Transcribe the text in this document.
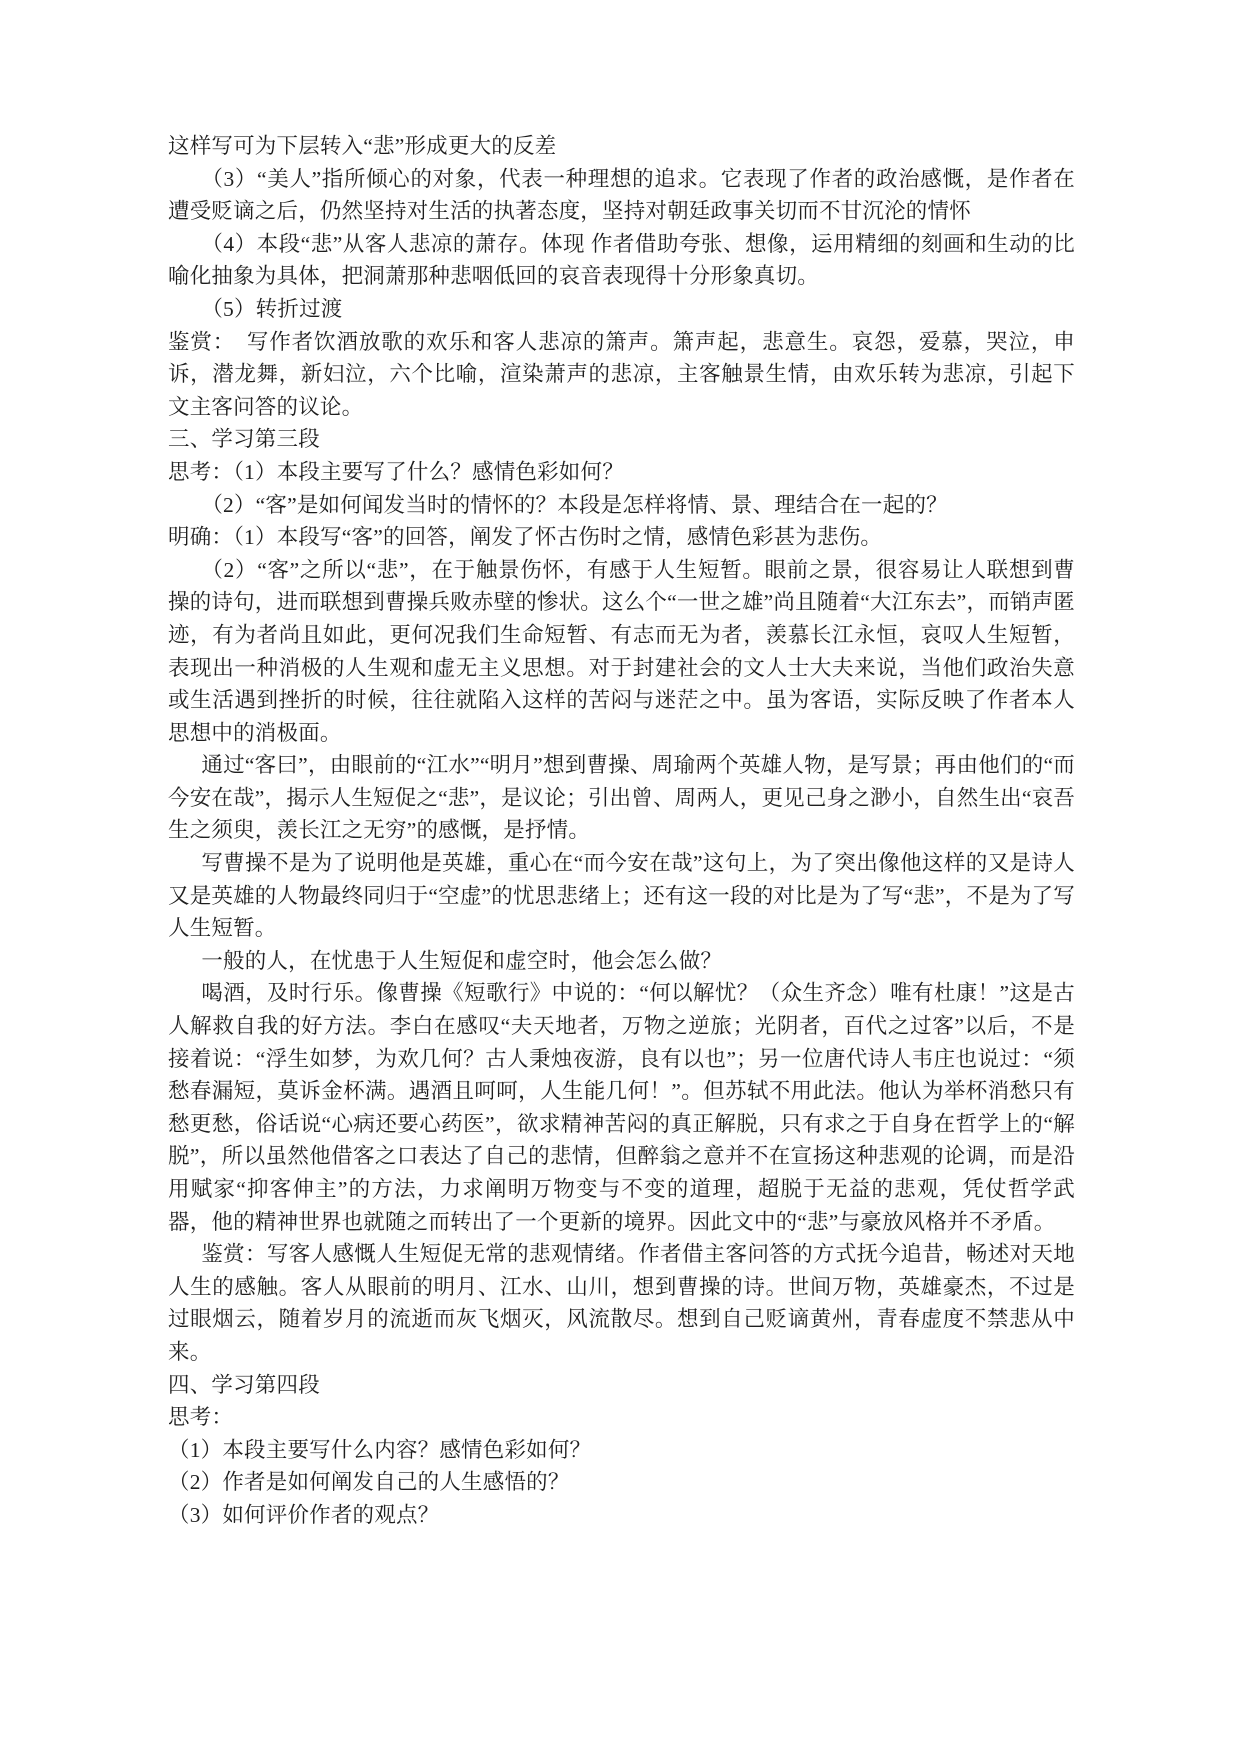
这样写可为下层转入“悲”形成更大的反差

（3）“美人”指所倾心的对象，代表一种理想的追求。它表现了作者的政治感慨，是作者在遭受贬谪之后，仍然坚持对生活的执著态度，坚持对朝廷政事关切而不甘沉沦的情怀

（4）本段“悲”从客人悲凉的萧存。体现 作者借助夸张、想像，运用精细的刻画和生动的比喻化抽象为具体，把洞萧那种悲咽低回的哀音表现得十分形象真切。

（5）转折过渡

鉴赏：　写作者饮酒放歌的欢乐和客人悲凉的箫声。箫声起，悲意生。哀怨，爱慕，哭泣，申诉，潜龙舞，新妇泣，六个比喻，渲染萧声的悲凉，主客触景生情，由欢乐转为悲凉，引起下文主客问答的议论。

三、学习第三段

思考：（1）本段主要写了什么？感情色彩如何？

（2）“客”是如何闻发当时的情怀的？本段是怎样将情、景、理结合在一起的？

明确：（1）本段写“客”的回答，阐发了怀古伤时之情，感情色彩甚为悲伤。

（2）“客”之所以“悲”，在于触景伤怀，有感于人生短暂。眼前之景，很容易让人联想到曹操的诗句，进而联想到曹操兵败赤壁的惨状。这么个“一世之雄”尚且随着“大江东去”，而销声匿迹，有为者尚且如此，更何况我们生命短暂、有志而无为者，羡慕长江永恒，哀叹人生短暂，表现出一种消极的人生观和虚无主义思想。对于封建社会的文人士大夫来说，当他们政治失意或生活遇到挫折的时候，往往就陷入这样的苦闷与迷茫之中。虽为客语，实际反映了作者本人思想中的消极面。

通过“客曰”，由眼前的“江水”“明月”想到曹操、周瑜两个英雄人物，是写景；再由他们的“而今安在哉”，揭示人生短促之“悲”，是议论；引出曾、周两人，更见己身之渺小，自然生出“哀吾生之须臾，羡长江之无穷”的感慨，是抒情。

写曹操不是为了说明他是英雄，重心在“而今安在哉”这句上，为了突出像他这样的又是诗人又是英雄的人物最终同归于“空虚”的忧思悲绪上；还有这一段的对比是为了写“悲”，不是为了写人生短暂。

一般的人，在忧患于人生短促和虚空时，他会怎么做？

喝酒，及时行乐。像曹操《短歌行》中说的：“何以解忧？（众生齐念）唯有杜康！”这是古人解救自我的好方法。李白在感叹“夫天地者，万物之逆旅；光阴者，百代之过客”以后，不是接着说：“浮生如梦，为欢几何？古人秉烛夜游，良有以也”；另一位唐代诗人韦庄也说过：“须愁春漏短，莫诉金杯满。遇酒且呵呵，人生能几何！”。但苏轼不用此法。他认为举杯消愁只有愁更愁，俗话说“心病还要心药医”，欲求精神苦闷的真正解脱，只有求之于自身在哲学上的“解脱”，所以虽然他借客之口表达了自己的悲情，但醉翁之意并不在宣扬这种悲观的论调，而是沿用赋家“抑客伸主”的方法，力求阐明万物变与不变的道理，超脱于无益的悲观，凭仗哲学武器，他的精神世界也就随之而转出了一个更新的境界。因此文中的“悲”与豪放风格并不矛盾。

鉴赏：写客人感慨人生短促无常的悲观情绪。作者借主客问答的方式抚今追昔，畅述对天地人生的感触。客人从眼前的明月、江水、山川，想到曹操的诗。世间万物，英雄豪杰，不过是过眼烟云，随着岁月的流逝而灰飞烟灭，风流散尽。想到自己贬谪黄州，青春虚度不禁悲从中来。

四、学习第四段

思考：

（1）本段主要写什么内容？感情色彩如何？

（2）作者是如何阐发自己的人生感悟的？

（3）如何评价作者的观点？
